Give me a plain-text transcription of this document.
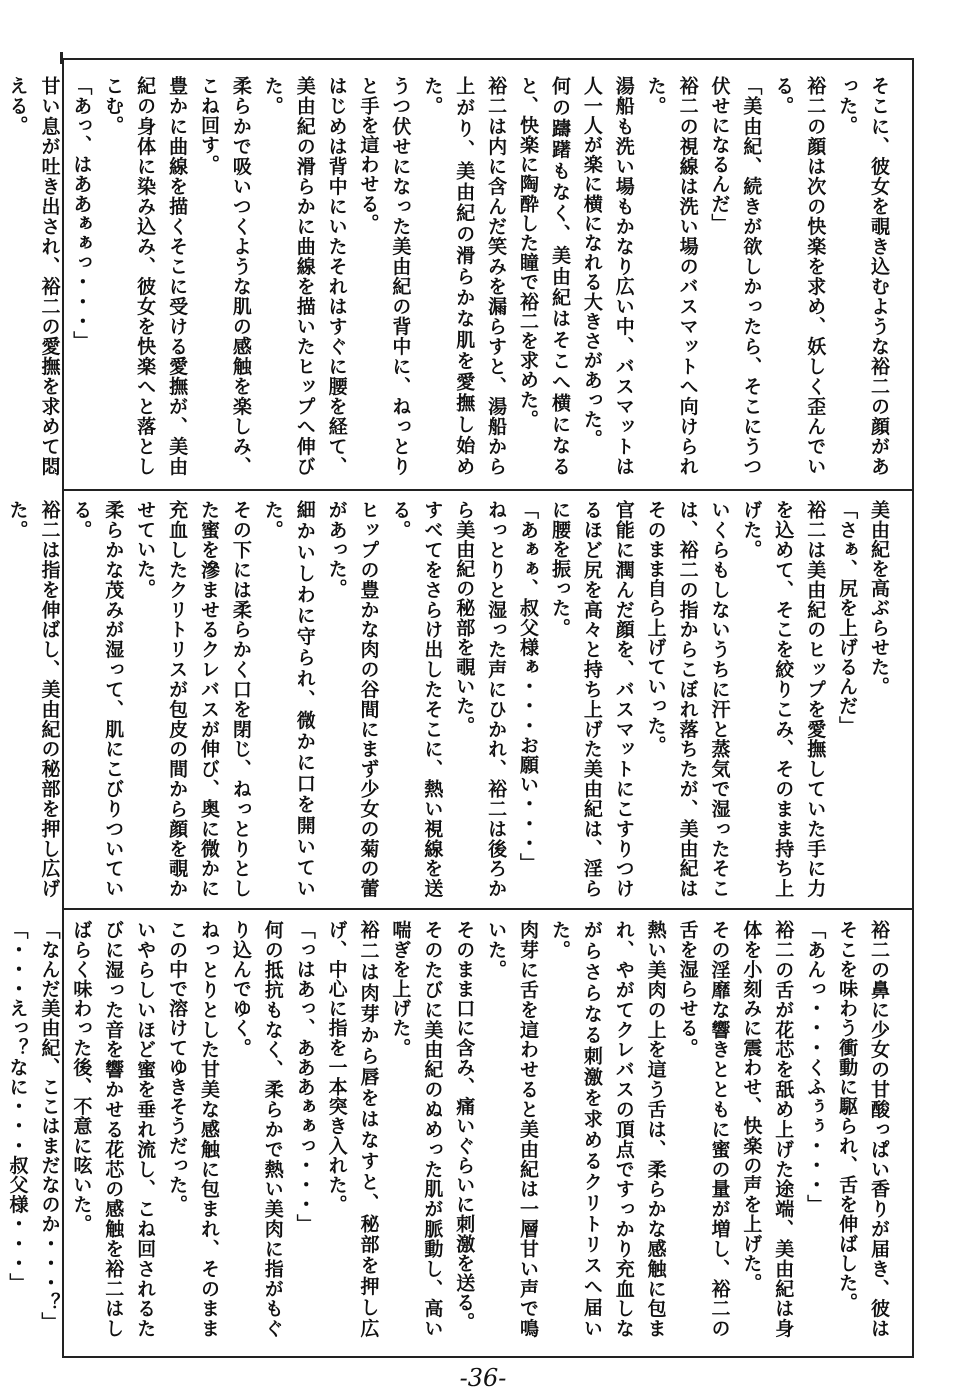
そこに、彼女を覗き込むような裕二の顔があった。

裕二の顔は次の快楽を求め、妖しく歪んでいる。

「美由紀、続きが欲しかったら、そこにうつ伏せになるんだ」

裕二の視線は洗い場のバスマットへ向けられた。

湯船も洗い場もかなり広い中、バスマットは人一人が楽に横になれる大きさがあった。

何の躊躇もなく、美由紀はそこへ横になると、快楽に陶酔した瞳で裕二を求めた。

裕二は内に含んだ笑みを漏らすと、湯船から上がり、美由紀の滑らかな肌を愛撫し始めた。

うつ伏せになった美由紀の背中に、ねっとりと手を這わせる。

はじめは背中にいたそれはすぐに腰を経て、美由紀の滑らかに曲線を描いたヒップへ伸びた。

柔らかで吸いつくような肌の感触を楽しみ、こね回す。

豊かに曲線を描くそこに受ける愛撫が、美由紀の身体に染み込み、彼女を快楽へと落としこむ。

「あっ、はああぁぁっ・・・」

甘い息が吐き出され、裕二の愛撫を求めて悶える。

美由紀を高ぶらせた。

「さぁ、尻を上げるんだ」

裕二は美由紀のヒップを愛撫していた手に力を込めて、そこを絞りこみ、そのまま持ち上げた。

いくらもしないうちに汗と蒸気で湿ったそこは、裕二の指からこぼれ落ちたが、美由紀はそのまま自ら上げていった。

官能に潤んだ顔を、バスマットにこすりつけるほど尻を高々と持ち上げた美由紀は、淫らに腰を振った。

「あぁぁ、叔父様ぁ・・・お願い・・・」

ねっとりと湿った声にひかれ、裕二は後ろから美由紀の秘部を覗いた。

すべてをさらけ出したそこに、熱い視線を送る。

ヒップの豊かな肉の谷間にまず少女の菊の蕾があった。

細かいしわに守られ、微かに口を開いていた。

その下には柔らかく口を閉じ、ねっとりとした蜜を滲ませるクレバスが伸び、奥に微かに充血したクリトリスが包皮の間から顔を覗かせていた。

柔らかな茂みが湿って、肌にこびりついている。

裕二は指を伸ばし、美由紀の秘部を押し広げた。

裕二の鼻に少女の甘酸っぱい香りが届き、彼はそこを味わう衝動に駆られ、舌を伸ばした。

「あんっ・・・くふぅぅ・・・」

裕二の舌が花芯を舐め上げた途端、美由紀は身体を小刻みに震わせ、快楽の声を上げた。

その淫靡な響きとともに蜜の量が増し、裕二の舌を湿らせる。

熱い美肉の上を這う舌は、柔らかな感触に包まれ、やがてクレバスの頂点ですっかり充血しながらさらなる刺激を求めるクリトリスへ届いた。

肉芽に舌を這わせると美由紀は一層甘い声で鳴いた。

そのまま口に含み、痛いぐらいに刺激を送る。

そのたびに美由紀のぬめった肌が脈動し、高い喘ぎを上げた。

裕二は肉芽から唇をはなすと、秘部を押し広げ、中心に指を一本突き入れた。

「っはあっ、あああぁぁっ・・・」

何の抵抗もなく、柔らかで熱い美肉に指がもぐり込んでゆく。

ねっとりとした甘美な感触に包まれ、そのままこの中で溶けてゆきそうだった。

いやらしいほど蜜を垂れ流し、こね回されるたびに湿った音を響かせる花芯の感触を裕二はしばらく味わった後、不意に呟いた。

「なんだ美由紀、ここはまだなのか・・・？」

「・・・えっ？なに・・・叔父様・・・」

-36-
